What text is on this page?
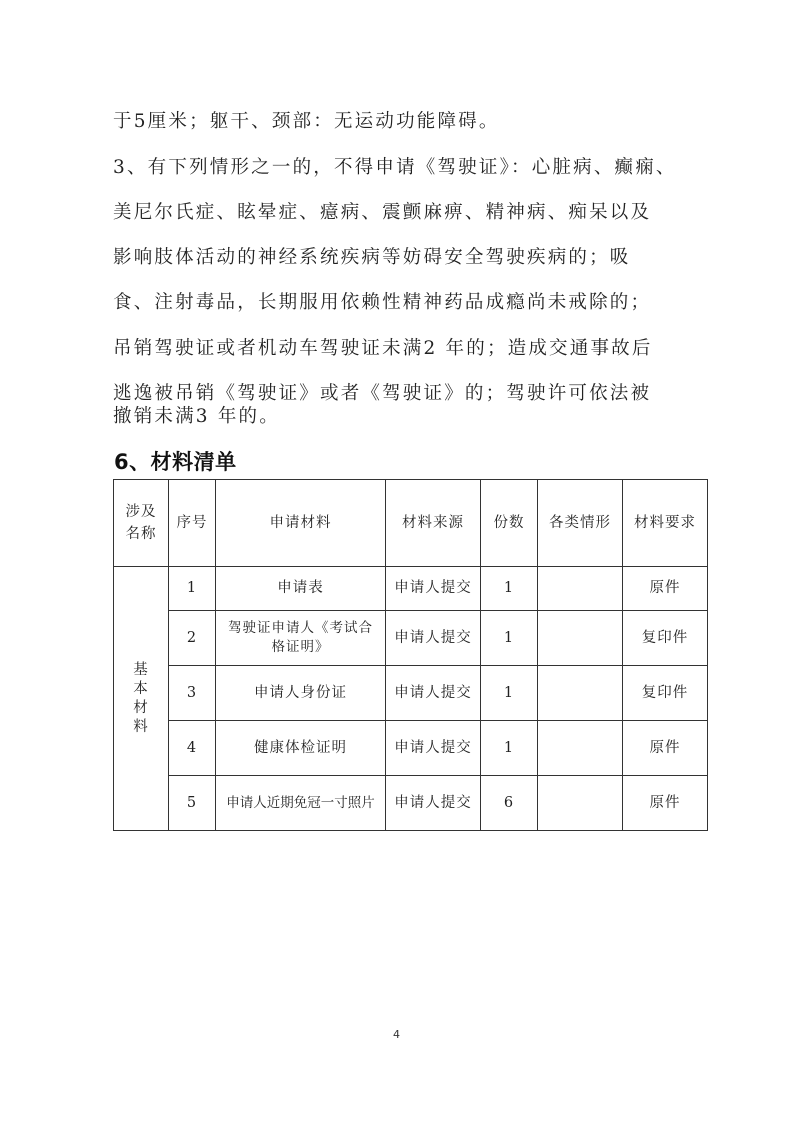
于5厘米；躯干、颈部：无运动功能障碍。
3、有下列情形之一的，不得申请《驾驶证》：心脏病、癫痫、
美尼尔氏症、眩晕症、癔病、震颤麻痹、精神病、痴呆以及
影响肢体活动的神经系统疾病等妨碍安全驾驶疾病的；吸
食、注射毒品，长期服用依赖性精神药品成瘾尚未戒除的；
吊销驾驶证或者机动车驾驶证未满2 年的；造成交通事故后
逃逸被吊销《驾驶证》或者《驾驶证》的；驾驶许可依法被
撤销未满3 年的。
6、材料清单
涉及
名称	序号	申请材料	材料来源	份数	各类情形	材料要求

基
本
材
料	1	申请表	申请人提交	1		原件
	2	驾驶证申请人《考试合格证明》	申请人提交	1		复印件
	3	申请人身份证	申请人提交	1		复印件
	4	健康体检证明	申请人提交	1		原件
	5	申请人近期免冠一寸照片	申请人提交	6		原件
4
